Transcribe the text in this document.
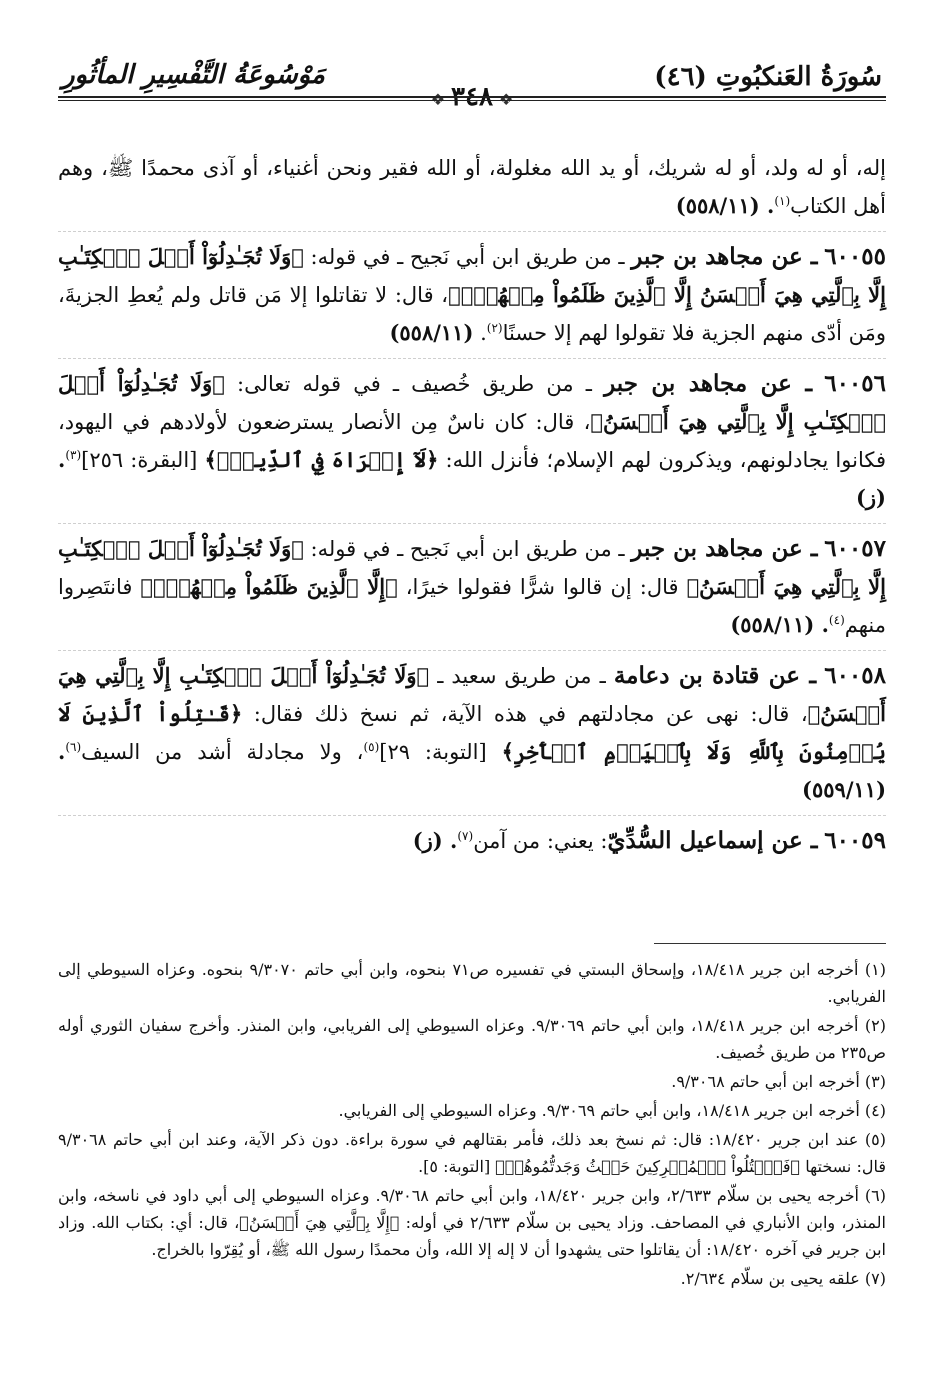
سُورَةُ العَنكبُوتِ (٤٦)
❖٣٤٨❖
مَوْسُوعَةُ التَّفْسِيرِ المأثُورِ

إله، أو له ولد، أو له شريك، أو يد الله مغلولة، أو الله فقير ونحن أغنياء، أو آذى محمدًا ﷺ، وهم أهل الكتاب$^{(١)}$. (٥٥٨/١١)

٦٠٠٥٥ ـ عن مجاهد بن جبر ـ من طريق ابن أبي نَجيح ـ في قوله: ﴿وَلَا تُجَـٰدِلُوٓاْ أَهۡلَ ٱلۡكِتَـٰبِ إِلَّا بِٱلَّتِي هِيَ أَحۡسَنُ إِلَّا ٱلَّذِينَ ظَلَمُواْ مِنۡهُمۡۖ﴾، قال: لا تقاتلوا إلا مَن قاتل ولم يُعطِ الجزيةَ، ومَن أدّى منهم الجزية فلا تقولوا لهم إلا حسنًا$^{(٢)}$. (٥٥٨/١١)

٦٠٠٥٦ ـ عن مجاهد بن جبر ـ من طريق خُصيف ـ في قوله تعالى: ﴿وَلَا تُجَـٰدِلُوٓاْ أَهۡلَ ٱلۡكِتَـٰبِ إِلَّا بِٱلَّتِي هِيَ أَحۡسَنُ﴾، قال: كان ناسٌ مِن الأنصار يسترضعون لأولادهم في اليهود، فكانوا يجادلونهم، ويذكرون لهم الإسلام؛ فأنزل الله: ﴿لَآ إِكۡرَاهَ فِي ٱلدِّينِۖ﴾ [البقرة: ٢٥٦]$^{(٣)}$. (ز)

٦٠٠٥٧ ـ عن مجاهد بن جبر ـ من طريق ابن أبي نَجيح ـ في قوله: ﴿وَلَا تُجَـٰدِلُوٓاْ أَهۡلَ ٱلۡكِتَـٰبِ إِلَّا بِٱلَّتِي هِيَ أَحۡسَنُ﴾ قال: إن قالوا شرًّا فقولوا خيرًا، ﴿إِلَّا ٱلَّذِينَ ظَلَمُواْ مِنۡهُمۡۖ﴾ فانتَصِروا منهم$^{(٤)}$. (٥٥٨/١١)

٦٠٠٥٨ ـ عن قتادة بن دعامة ـ من طريق سعيد ـ ﴿وَلَا تُجَـٰدِلُوٓاْ أَهۡلَ ٱلۡكِتَـٰبِ إِلَّا بِٱلَّتِي هِيَ أَحۡسَنُ﴾، قال: نهى عن مجادلتهم في هذه الآية، ثم نسخ ذلك فقال: ﴿قَـٰتِلُواْ ٱلَّذِينَ لَا يُؤۡمِنُونَ بِٱللَّهِ وَلَا بِٱلۡيَوۡمِ ٱلۡأٓخِرِ﴾ [التوبة: ٢٩]$^{(٥)}$، ولا مجادلة أشد من السيف$^{(٦)}$. (٥٥٩/١١)

٦٠٠٥٩ ـ عن إسماعيل السُّدِّيّ: يعني: من آمن$^{(٧)}$. (ز)

(١) أخرجه ابن جرير ١٨/٤١٨، وإسحاق البستي في تفسيره ص٧١ بنحوه، وابن أبي حاتم ٩/٣٠٧٠ بنحوه. وعزاه السيوطي إلى الفريابي.

(٢) أخرجه ابن جرير ١٨/٤١٨، وابن أبي حاتم ٩/٣٠٦٩. وعزاه السيوطي إلى الفريابي، وابن المنذر. وأخرج سفيان الثوري أوله ص٢٣٥ من طريق خُصيف.

(٣) أخرجه ابن أبي حاتم ٩/٣٠٦٨.

(٤) أخرجه ابن جرير ١٨/٤١٨، وابن أبي حاتم ٩/٣٠٦٩. وعزاه السيوطي إلى الفريابي.

(٥) عند ابن جرير ١٨/٤٢٠: قال: ثم نسخ بعد ذلك، فأمر بقتالهم في سورة براءة. دون ذكر الآية، وعند ابن أبي حاتم ٩/٣٠٦٨ قال: نسختها ﴿فَٱقۡتُلُواْ ٱلۡمُشۡرِكِينَ حَيۡثُ وَجَدتُّمُوهُمۡ﴾ [التوبة: ٥].

(٦) أخرجه يحيى بن سلّام ٢/٦٣٣، وابن جرير ١٨/٤٢٠، وابن أبي حاتم ٩/٣٠٦٨. وعزاه السيوطي إلى أبي داود في ناسخه، وابن المنذر، وابن الأنباري في المصاحف. وزاد يحيى بن سلّام ٢/٦٣٣ في أوله: ﴿إِلَّا بِٱلَّتِي هِيَ أَحۡسَنُ﴾، قال: أي: بكتاب الله. وزاد ابن جرير في آخره ١٨/٤٢٠: أن يقاتلوا حتى يشهدوا أن لا إله إلا الله، وأن محمدًا رسول الله ﷺ، أو يُقِرّوا بالخراج.

(٧) علقه يحيى بن سلّام ٢/٦٣٤.
